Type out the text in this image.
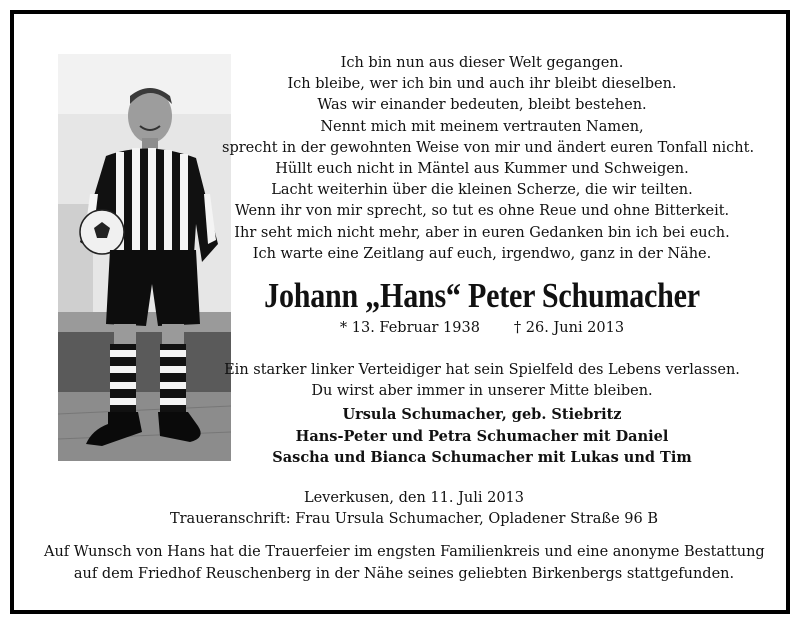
Ich bin nun aus dieser Welt gegangen.
Ich bleibe, wer ich bin und auch ihr bleibt dieselben.
Was wir einander bedeuten, bleibt bestehen.
Nennt mich mit meinem vertrauten Namen,
sprecht in der gewohnten Weise von mir und ändert euren Tonfall nicht.
Hüllt euch nicht in Mäntel aus Kummer und Schweigen.
Lacht weiterhin über die kleinen Scherze, die wir teilten.
Wenn ihr von mir sprecht, so tut es ohne Reue und ohne Bitterkeit.
Ihr seht mich nicht mehr, aber in euren Gedanken bin ich bei euch.
Ich warte eine Zeitlang auf euch, irgendwo, ganz in der Nähe.
Johann „Hans“ Peter Schumacher
* 13. Februar 1938 † 26. Juni 2013
Ein starker linker Verteidiger hat sein Spielfeld des Lebens verlassen.
Du wirst aber immer in unserer Mitte bleiben.
Ursula Schumacher, geb. Stiebritz
Hans-Peter und Petra Schumacher mit Daniel
Sascha und Bianca Schumacher mit Lukas und Tim
Leverkusen, den 11. Juli 2013
Traueranschrift: Frau Ursula Schumacher, Opladener Straße 96 B
Auf Wunsch von Hans hat die Trauerfeier im engsten Familienkreis und eine anonyme Bestattung
auf dem Friedhof Reuschenberg in der Nähe seines geliebten Birkenbergs stattgefunden.
